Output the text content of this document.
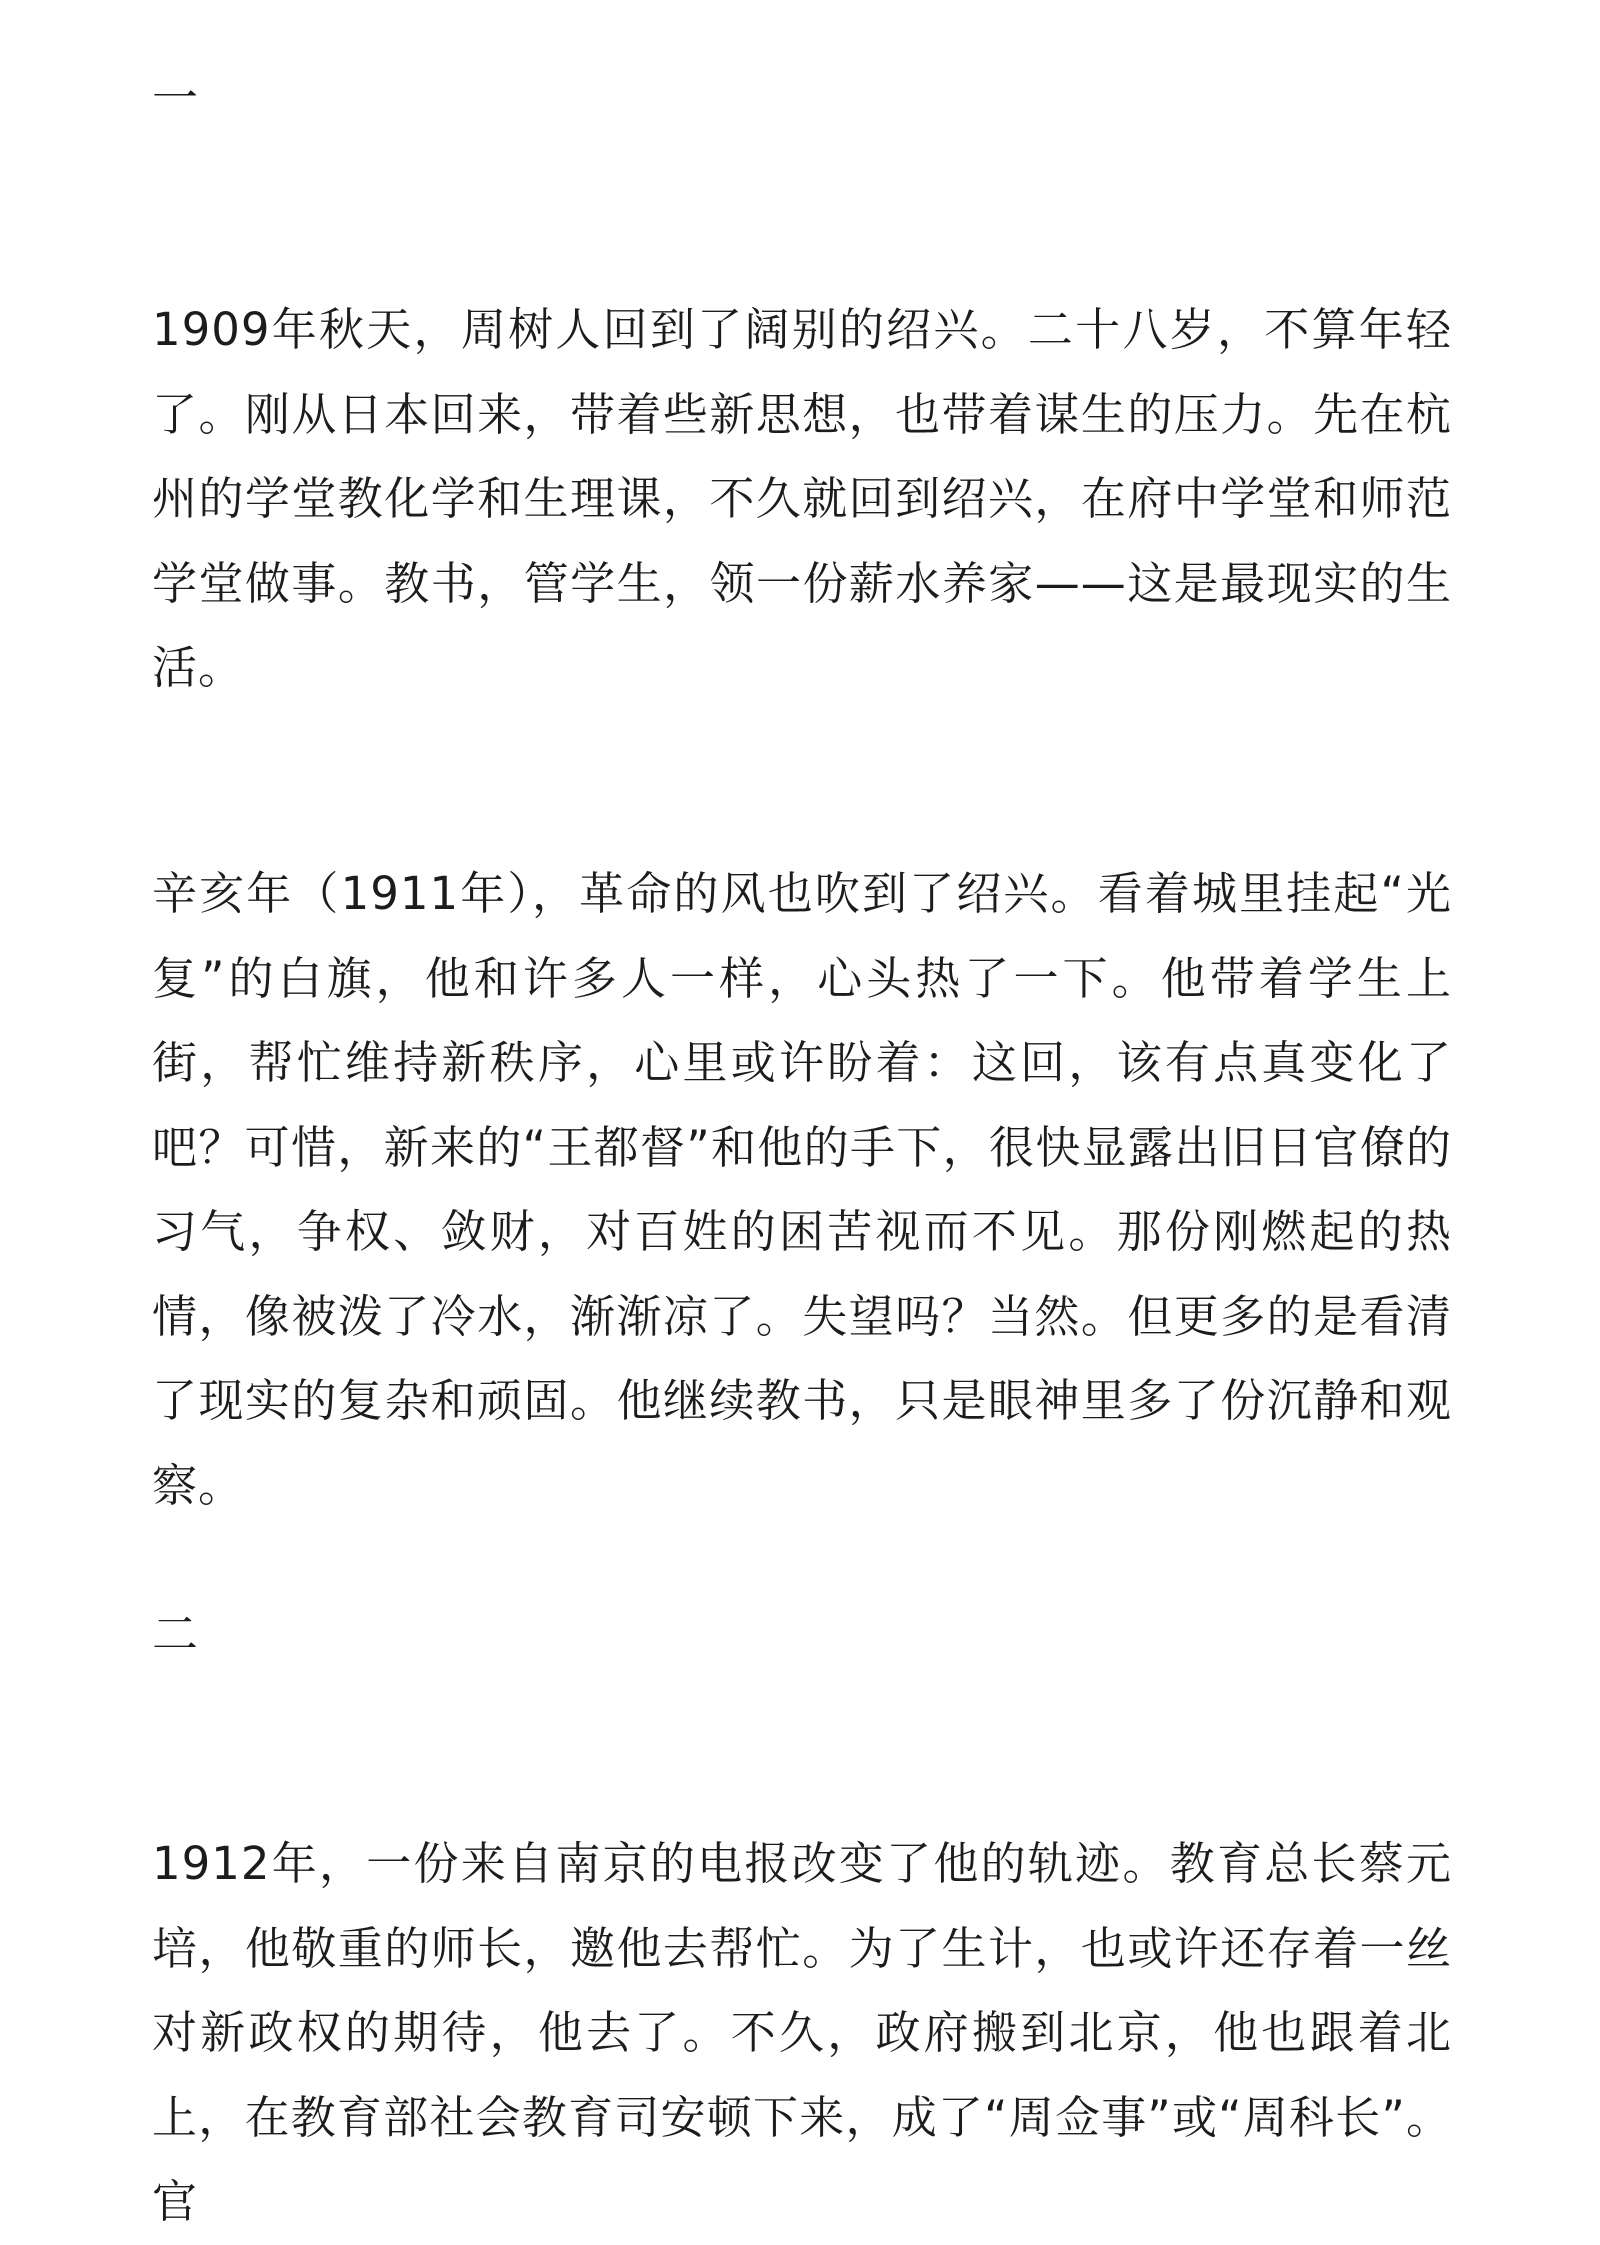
一

1909年秋天，周树人回到了阔别的绍兴。二十八岁，不算年轻了。刚从日本回来，带着些新思想，也带着谋生的压力。先在杭州的学堂教化学和生理课，不久就回到绍兴，在府中学堂和师范学堂做事。教书，管学生，领一份薪水养家——这是最现实的生活。

辛亥年（1911年），革命的风也吹到了绍兴。看着城里挂起“光复”的白旗，他和许多人一样，心头热了一下。他带着学生上街，帮忙维持新秩序，心里或许盼着：这回，该有点真变化了吧？可惜，新来的“王都督”和他的手下，很快显露出旧日官僚的习气，争权、敛财，对百姓的困苦视而不见。那份刚燃起的热情，像被泼了冷水，渐渐凉了。失望吗？当然。但更多的是看清了现实的复杂和顽固。他继续教书，只是眼神里多了份沉静和观察。

二

1912年，一份来自南京的电报改变了他的轨迹。教育总长蔡元培，他敬重的师长，邀他去帮忙。为了生计，也或许还存着一丝对新政权的期待，他去了。不久，政府搬到北京，他也跟着北上，在教育部社会教育司安顿下来，成了“周佥事”或“周科长”。官
